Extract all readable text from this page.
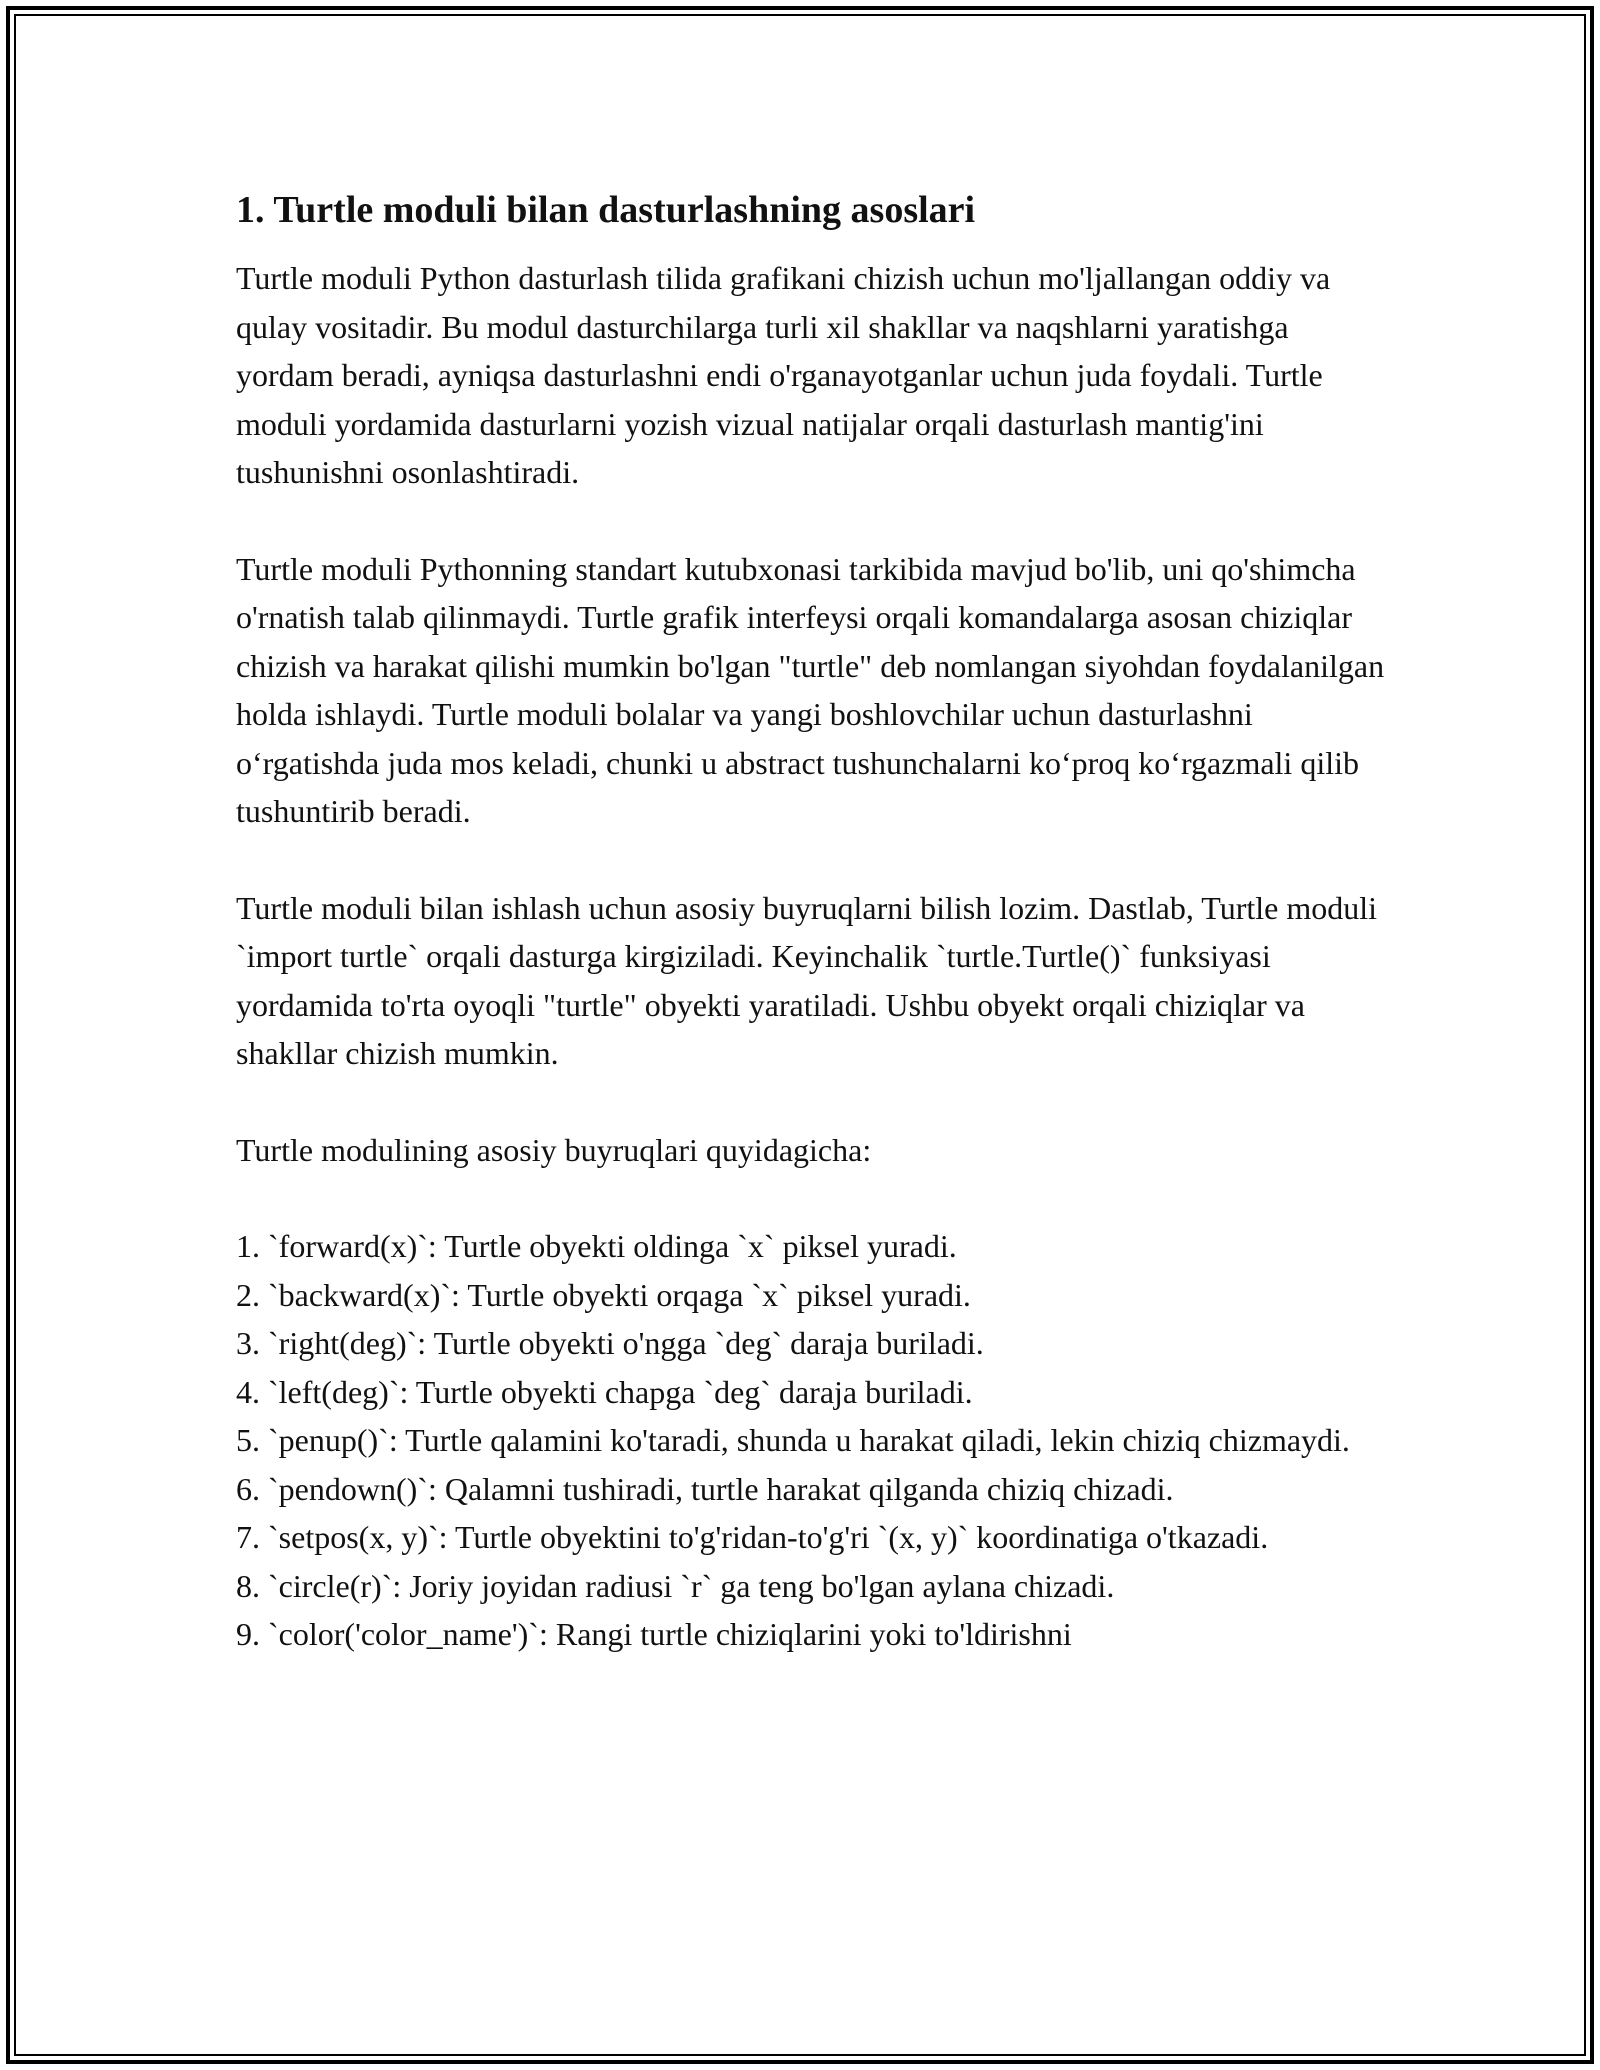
1. Turtle moduli bilan dasturlashning asoslari

Turtle moduli Python dasturlash tilida grafikani chizish uchun mo'ljallangan oddiy va qulay vositadir. Bu modul dasturchilarga turli xil shakllar va naqshlarni yaratishga yordam beradi, ayniqsa dasturlashni endi o'rganayotganlar uchun juda foydali. Turtle moduli yordamida dasturlarni yozish vizual natijalar orqali dasturlash mantig'ini tushunishni osonlashtiradi.

Turtle moduli Pythonning standart kutubxonasi tarkibida mavjud bo'lib, uni qo'shimcha o'rnatish talab qilinmaydi. Turtle grafik interfeysi orqali komandalarga asosan chiziqlar chizish va harakat qilishi mumkin bo'lgan "turtle" deb nomlangan siyohdan foydalanilgan holda ishlaydi. Turtle moduli bolalar va yangi boshlovchilar uchun dasturlashni o‘rgatishda juda mos keladi, chunki u abstract tushunchalarni ko‘proq ko‘rgazmali qilib tushuntirib beradi.

Turtle moduli bilan ishlash uchun asosiy buyruqlarni bilish lozim. Dastlab, Turtle moduli `import turtle` orqali dasturga kirgiziladi. Keyinchalik `turtle.Turtle()` funksiyasi yordamida to'rta oyoqli "turtle" obyekti yaratiladi. Ushbu obyekt orqali chiziqlar va shakllar chizish mumkin.

Turtle modulining asosiy buyruqlari quyidagicha:

1. `forward(x)`: Turtle obyekti oldinga `x` piksel yuradi.
2. `backward(x)`: Turtle obyekti orqaga `x` piksel yuradi.
3. `right(deg)`: Turtle obyekti o'ngga `deg` daraja buriladi.
4. `left(deg)`: Turtle obyekti chapga `deg` daraja buriladi.
5. `penup()`: Turtle qalamini ko'taradi, shunda u harakat qiladi, lekin chiziq chizmaydi.
6. `pendown()`: Qalamni tushiradi, turtle harakat qilganda chiziq chizadi.
7. `setpos(x, y)`: Turtle obyektini to'g'ridan-to'g'ri `(x, y)` koordinatiga o'tkazadi.
8. `circle(r)`: Joriy joyidan radiusi `r` ga teng bo'lgan aylana chizadi.
9. `color('color_name')`: Rangi turtle chiziqlarini yoki to'ldirishni
